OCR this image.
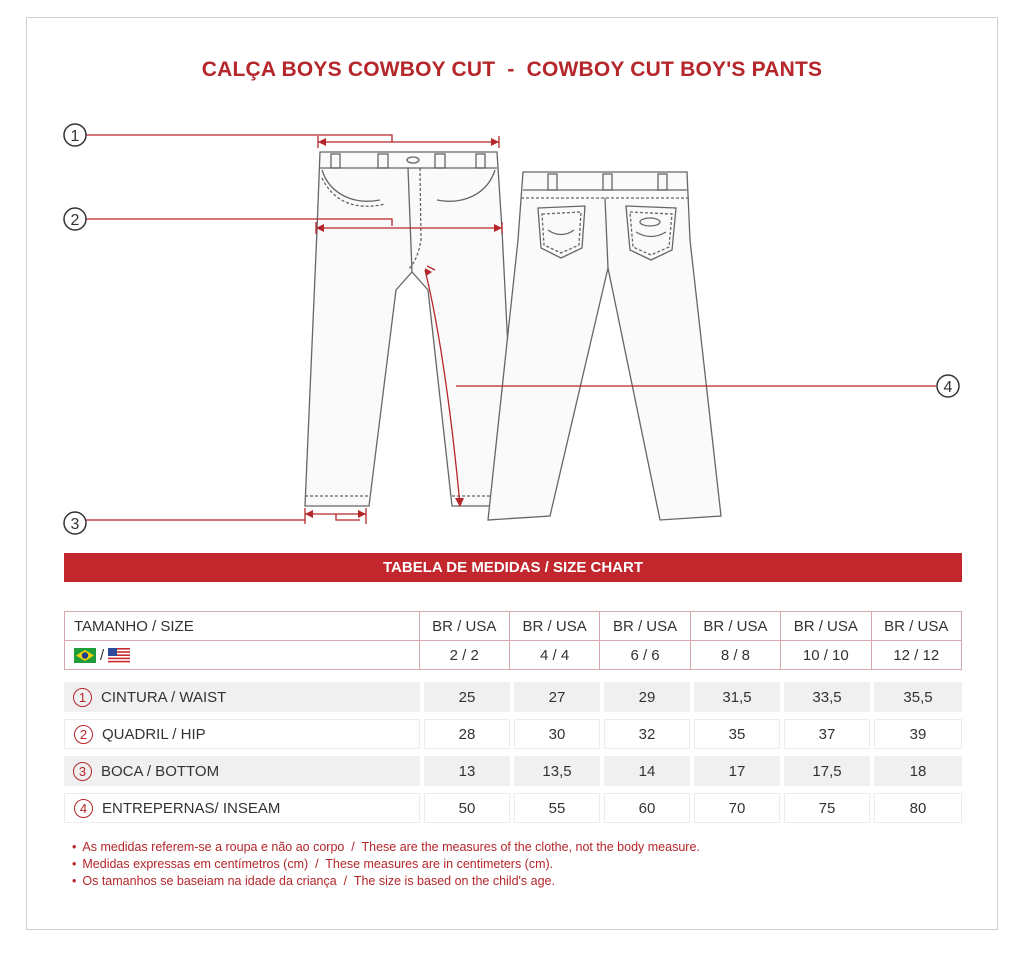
CALÇA BOYS COWBOY CUT  -  COWBOY CUT BOY'S PANTS
1
2
3
4
TABELA DE MEDIDAS / SIZE CHART
TAMANHO / SIZE	BR / USA	BR / USA	BR / USA	BR / USA	BR / USA	BR / USA

/	2 / 2	4 / 4	6 / 6	8 / 8	10 / 10	12 / 12
1 CINTURA / WAIST	25	27	29	31,5	33,5	35,5
2 QUADRIL / HIP	28	30	32	35	37	39
3 BOCA / BOTTOM	13	13,5	14	17	17,5	18
4 ENTREPERNAS/ INSEAM	50	55	60	70	75	80
• As medidas referem-se a roupa e não ao corpo  /  These are the measures of the clothe, not the body measure.
• Medidas expressas em centímetros (cm)  /  These measures are in centimeters (cm).
• Os tamanhos se baseiam na idade da criança  /  The size is based on the child's age.
